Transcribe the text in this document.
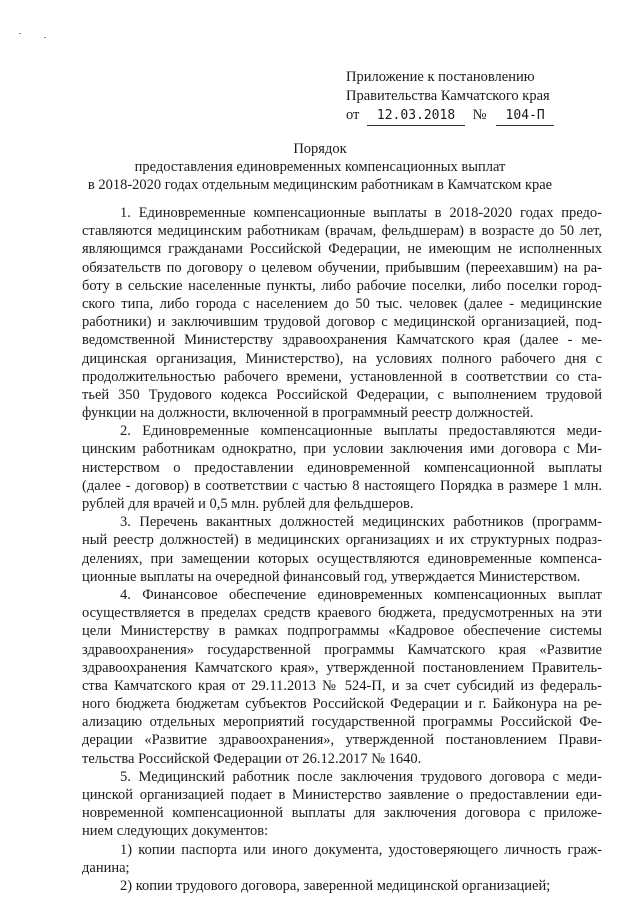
Приложение к постановлению
Правительства Камчатского края
от 12.03.2018 № 104-П
Порядок
предоставления единовременных компенсационных выплат
в 2018-2020 годах отдельным медицинским работникам в Камчатском крае
1. Единовременные компенсационные выплаты в 2018-2020 годах предо-
ставляются медицинским работникам (врачам, фельдшерам) в возрасте до 50 лет,
являющимся гражданами Российской Федерации, не имеющим не исполненных
обязательств по договору о целевом обучении, прибывшим (переехавшим) на ра-
боту в сельские населенные пункты, либо рабочие поселки, либо поселки город-
ского типа, либо города с населением до 50 тыс. человек (далее - медицинские
работники) и заключившим трудовой договор с медицинской организацией, под-
ведомственной Министерству здравоохранения Камчатского края (далее - ме-
дицинская организация, Министерство), на условиях полного рабочего дня с
продолжительностью рабочего времени, установленной в соответствии со ста-
тьей 350 Трудового кодекса Российской Федерации, с выполнением трудовой
функции на должности, включенной в программный реестр должностей.
2. Единовременные компенсационные выплаты предоставляются меди-
цинским работникам однократно, при условии заключения ими договора с Ми-
нистерством о предоставлении единовременной компенсационной выплаты
(далее - договор) в соответствии с частью 8 настоящего Порядка в размере 1 млн.
рублей для врачей и 0,5 млн. рублей для фельдшеров.
3. Перечень вакантных должностей медицинских работников (программ-
ный реестр должностей) в медицинских организациях и их структурных подраз-
делениях, при замещении которых осуществляются единовременные компенса-
ционные выплаты на очередной финансовый год, утверждается Министерством.
4. Финансовое обеспечение единовременных компенсационных выплат
осуществляется в пределах средств краевого бюджета, предусмотренных на эти
цели Министерству в рамках подпрограммы «Кадровое обеспечение системы
здравоохранения» государственной программы Камчатского края «Развитие
здравоохранения Камчатского края», утвержденной постановлением Правитель-
ства Камчатского края от 29.11.2013 № 524-П, и за счет субсидий из федераль-
ного бюджета бюджетам субъектов Российской Федерации и г. Байконура на ре-
ализацию отдельных мероприятий государственной программы Российской Фе-
дерации «Развитие здравоохранения», утвержденной постановлением Прави-
тельства Российской Федерации от 26.12.2017 № 1640.
5. Медицинский работник после заключения трудового договора с меди-
цинской организацией подает в Министерство заявление о предоставлении еди-
новременной компенсационной выплаты для заключения договора с приложе-
нием следующих документов:
1) копии паспорта или иного документа, удостоверяющего личность граж-
данина;
2) копии трудового договора, заверенной медицинской организацией;
